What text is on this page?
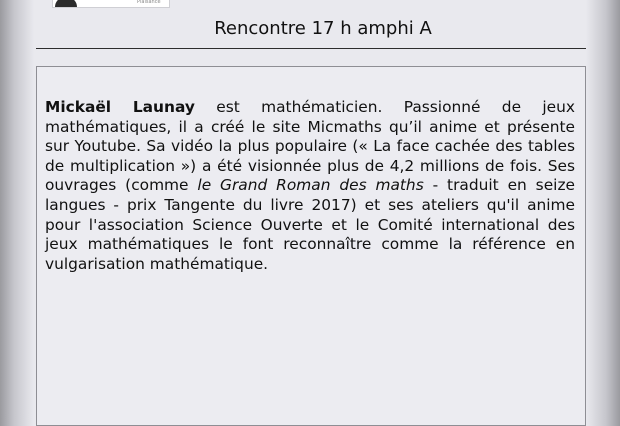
Plaisance
Rencontre 17 h amphi A

Mickaël Launay est mathématicien. Passionné de jeux mathématiques, il a créé le site Micmaths qu’il anime et présente sur Youtube. Sa vidéo la plus populaire (« La face cachée des tables de multiplication ») a été visionnée plus de 4,2 millions de fois. Ses ouvrages (comme le Grand Roman des maths - traduit en seize langues - prix Tangente du livre 2017) et ses ateliers qu'il anime pour l'association Science Ouverte et le Comité international des jeux mathématiques le font reconnaître comme la référence en vulgarisation mathématique.
